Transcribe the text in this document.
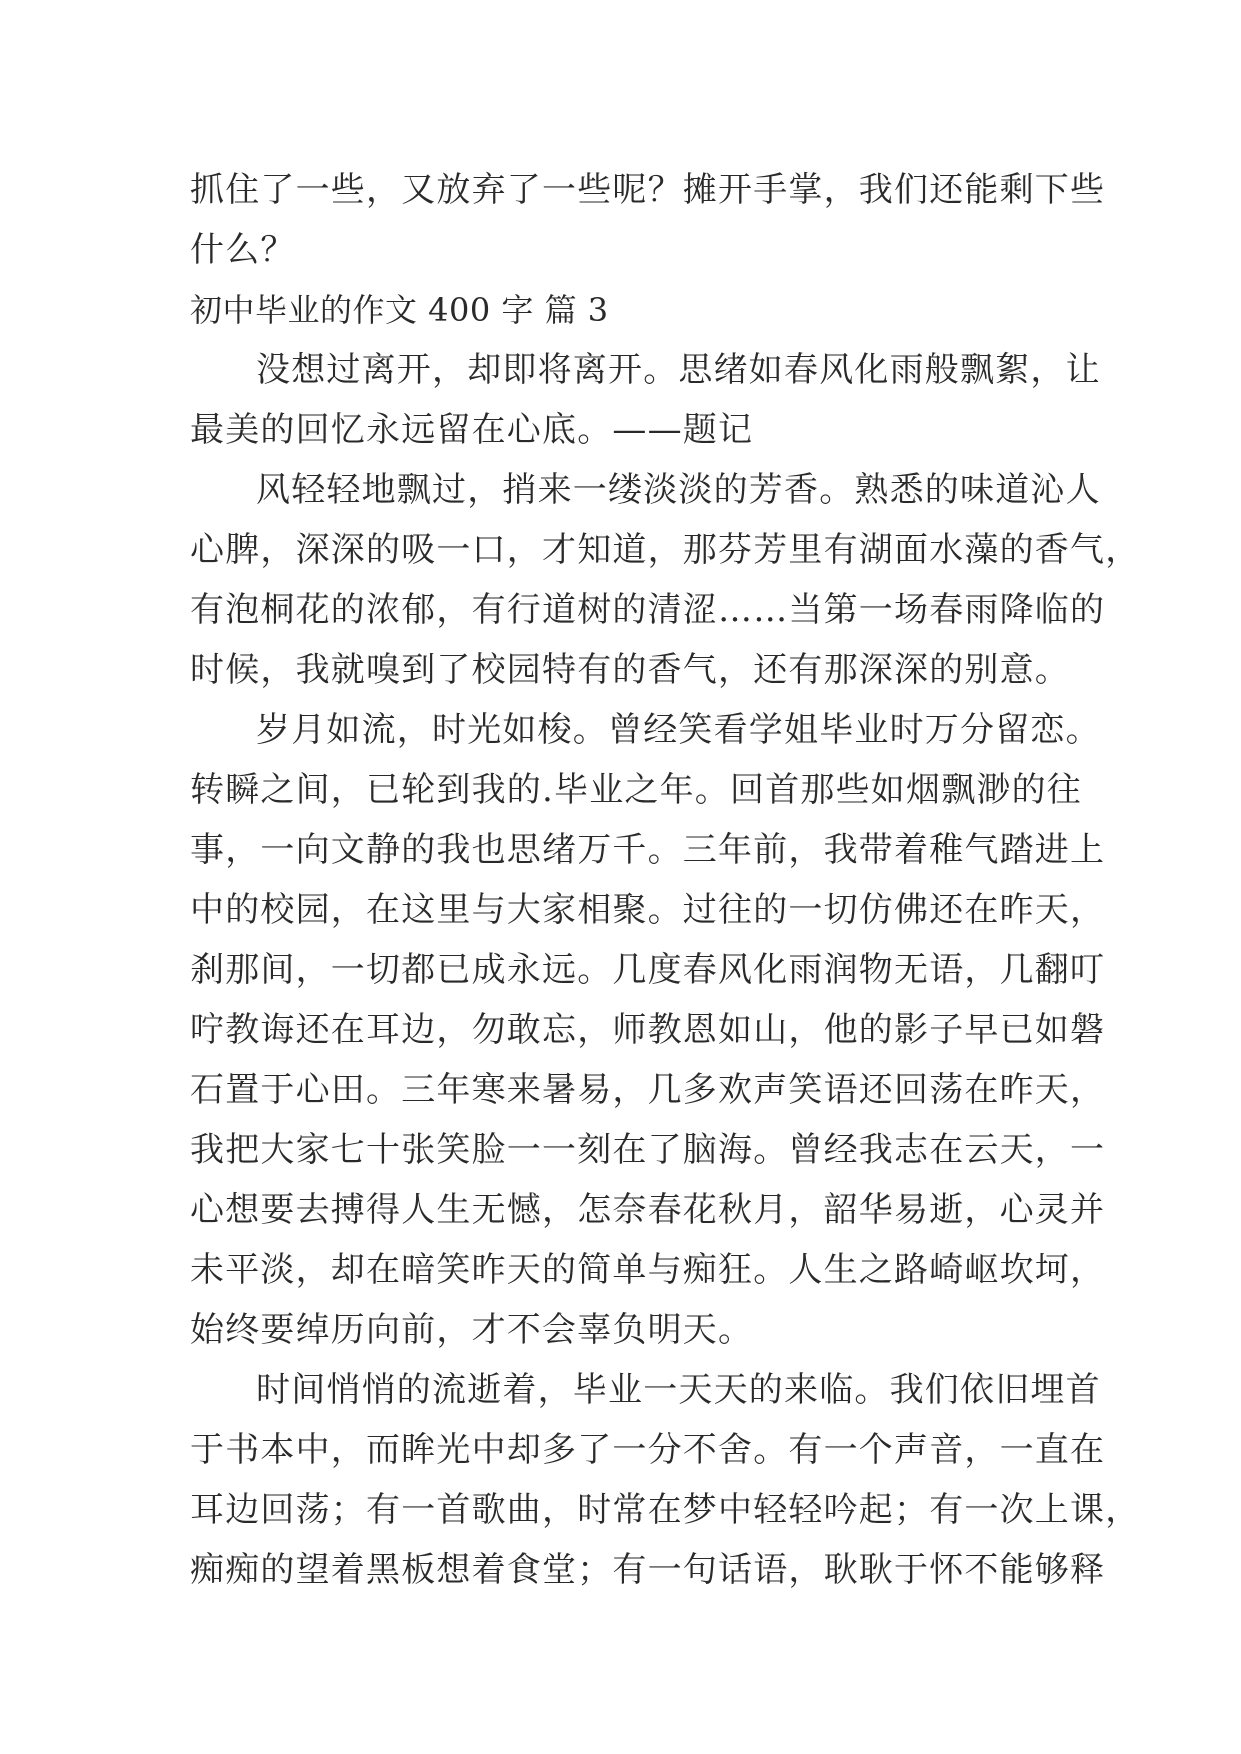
抓住了一些，又放弃了一些呢？摊开手掌，我们还能剩下些
什么？
初中毕业的作文 400 字 篇 3
没想过离开，却即将离开。思绪如春风化雨般飘絮，让
最美的回忆永远留在心底。——题记
风轻轻地飘过，捎来一缕淡淡的芳香。熟悉的味道沁人
心脾，深深的吸一口，才知道，那芬芳里有湖面水藻的香气，
有泡桐花的浓郁，有行道树的清涩……当第一场春雨降临的
时候，我就嗅到了校园特有的香气，还有那深深的别意。
岁月如流，时光如梭。曾经笑看学姐毕业时万分留恋。
转瞬之间，已轮到我的.毕业之年。回首那些如烟飘渺的往
事，一向文静的我也思绪万千。三年前，我带着稚气踏进上
中的校园，在这里与大家相聚。过往的一切仿佛还在昨天，
刹那间，一切都已成永远。几度春风化雨润物无语，几翻叮
咛教诲还在耳边，勿敢忘，师教恩如山，他的影子早已如磐
石置于心田。三年寒来暑易，几多欢声笑语还回荡在昨天，
我把大家七十张笑脸一一刻在了脑海。曾经我志在云天，一
心想要去搏得人生无憾，怎奈春花秋月，韶华易逝，心灵并
未平淡，却在暗笑昨天的简单与痴狂。人生之路崎岖坎坷，
始终要绰历向前，才不会辜负明天。
时间悄悄的流逝着，毕业一天天的来临。我们依旧埋首
于书本中，而眸光中却多了一分不舍。有一个声音，一直在
耳边回荡；有一首歌曲，时常在梦中轻轻吟起；有一次上课，
痴痴的望着黑板想着食堂；有一句话语，耿耿于怀不能够释
